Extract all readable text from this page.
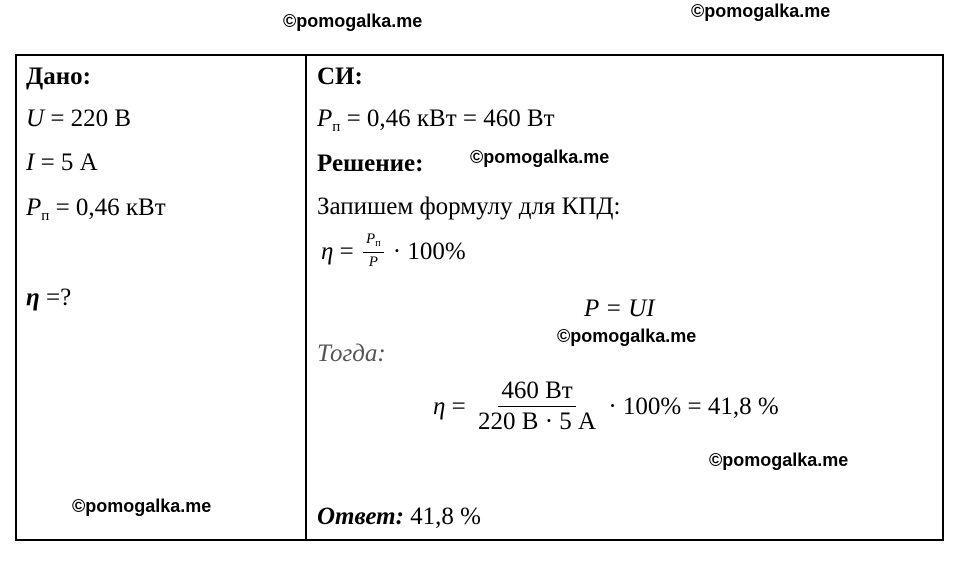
©pomogalka.me	©pomogalka.me
©pomogalka.me
©pomogalka.me
©pomogalka.me
©pomogalka.me
Дано:
U = 220 В
I = 5 А
$P_п = 0,46$ кВт
η =?
СИ:
$P_п = 0,46$ кВт = 460 Вт
Решение:
Запишем формулу для КПД:
$\eta = \frac{P_п}{P} \cdot 100\%$
P = UI
Тогда:
$\eta = \frac{460 Вт}{220 В \cdot 5 А} \cdot 100\% = 41,8$ %
Ответ: 41,8 %
